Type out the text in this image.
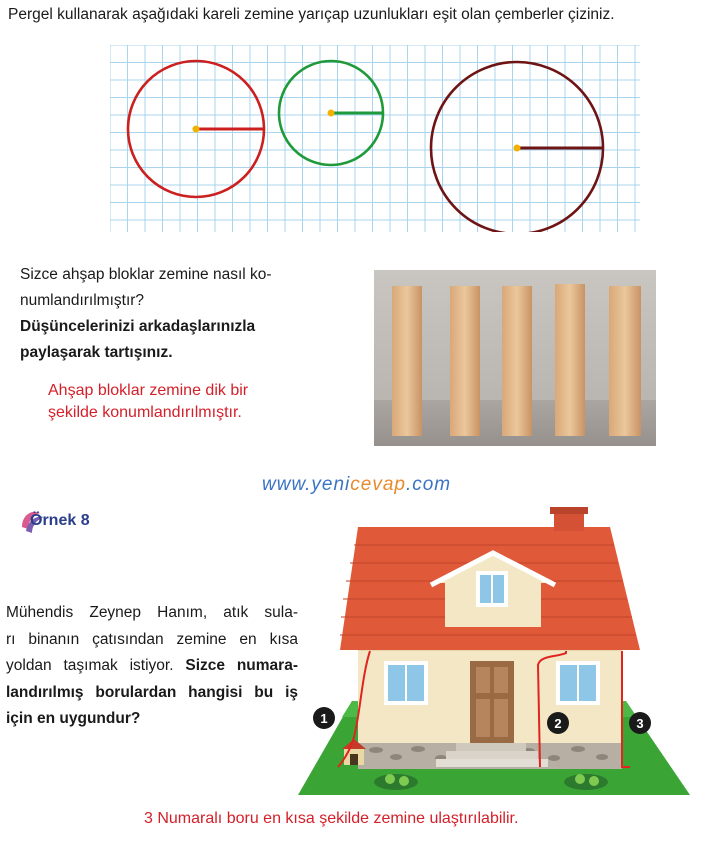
Pergel kullanarak aşağıdaki kareli zemine yarıçap uzunlukları eşit olan çemberler çiziniz.
Sizce ahşap bloklar zemine nasıl ko-
numlandırılmıştır?
Düşüncelerinizi arkadaşlarınızla
paylaşarak tartışınız.
Ahşap bloklar zemine dik bir
şekilde konumlandırılmıştır.
www.yenicevap.com
Örnek 8
Mühendis Zeynep Hanım, atık sula-
rı binanın çatısından zemine en kısa
yoldan taşımak istiyor. Sizce numara-
landırılmış borulardan hangisi bu iş
için en uygundur?	1	2	3
3 Numaralı boru en kısa şekilde zemine ulaştırılabilir.
